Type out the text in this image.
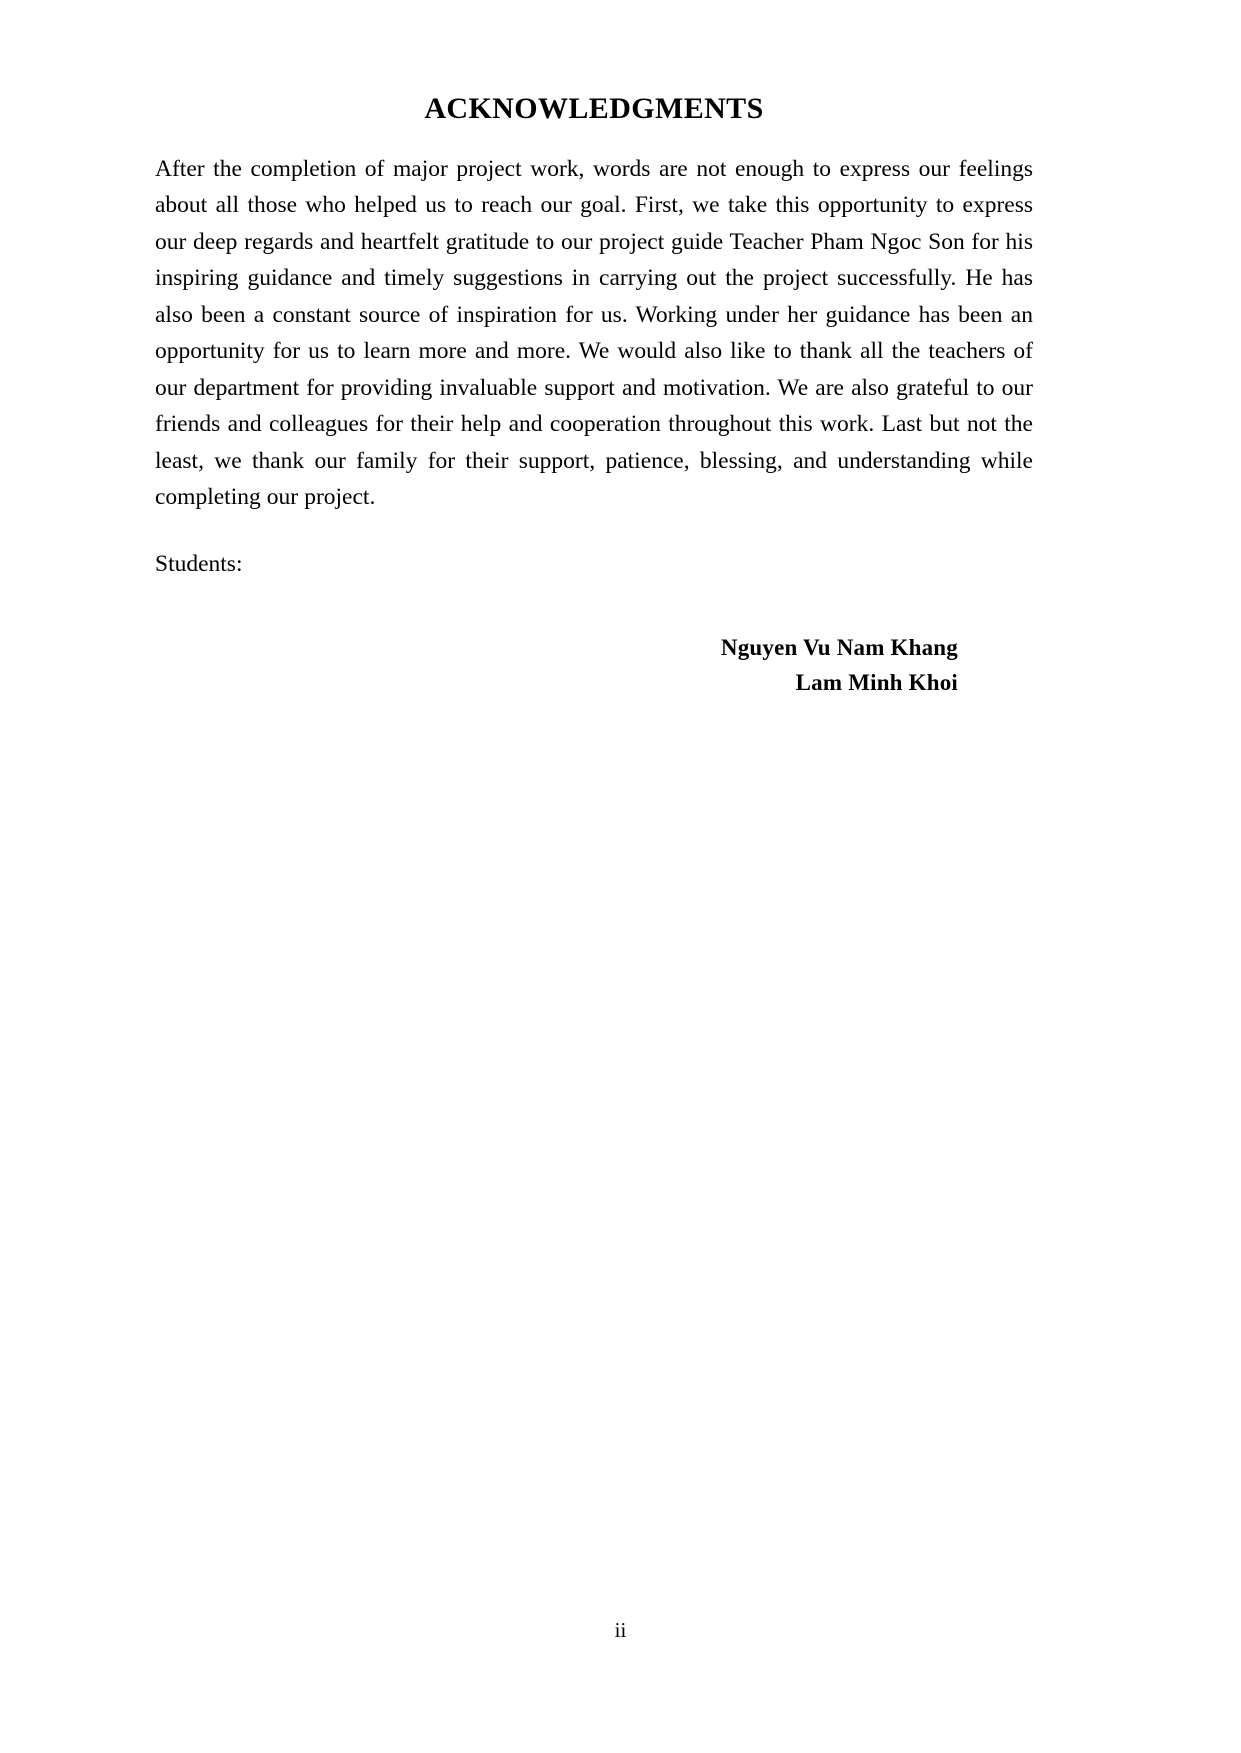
ACKNOWLEDGMENTS

After the completion of major project work, words are not enough to express our feelings about all those who helped us to reach our goal. First, we take this opportunity to express our deep regards and heartfelt gratitude to our project guide Teacher Pham Ngoc Son for his inspiring guidance and timely suggestions in carrying out the project successfully. He has also been a constant source of inspiration for us. Working under her guidance has been an opportunity for us to learn more and more. We would also like to thank all the teachers of our department for providing invaluable support and motivation. We are also grateful to our friends and colleagues for their help and cooperation throughout this work. Last but not the least, we thank our family for their support, patience, blessing, and understanding while completing our project.

Students:

Nguyen Vu Nam Khang
Lam Minh Khoi
ii
